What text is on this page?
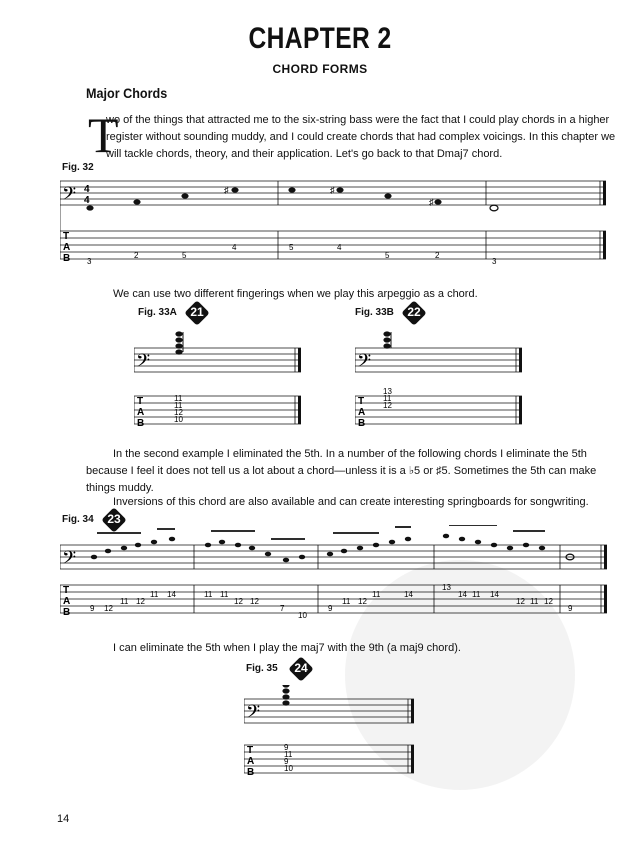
CHAPTER 2
CHORD FORMS
Major Chords
T
wo of the things that attracted me to the six-string bass were the fact that I could play chords in a higher
register without sounding muddy, and I could create chords that had complex voicings. In this chapter we
will tackle chords, theory, and their application. Let's go back to that Dmaj7 chord.
Fig. 32
𝄢 4
4
♯	♯
♯
T
A
B 3
2	5
4	5	4
5	2
3
We can use two different fingerings when we play this arpeggio as a chord.
Fig. 33A	21
𝄢
T
A
B
11
11
12
10
Fig. 33B	22
𝄢
T
A
B
13
11
12
In the second example I eliminated the 5th. In a number of the following chords I eliminate the 5th
because I feel it does not tell us a lot about a chord—unless it is a ♭5 or ♯5. Sometimes the 5th can make
things muddy.
Inversions of this chord are also available and can create interesting springboards for songwriting.
Fig. 34	23
𝄢
T
A
B 9 12
11 12
11 14	11 11
12 12
7
10
9
11 12
11	14
13
14 11 14
12 11 12
9
I can eliminate the 5th when I play the maj7 with the 9th (a maj9 chord).
Fig. 35	24
𝄢
T
A
B
9
11
9
10
14
